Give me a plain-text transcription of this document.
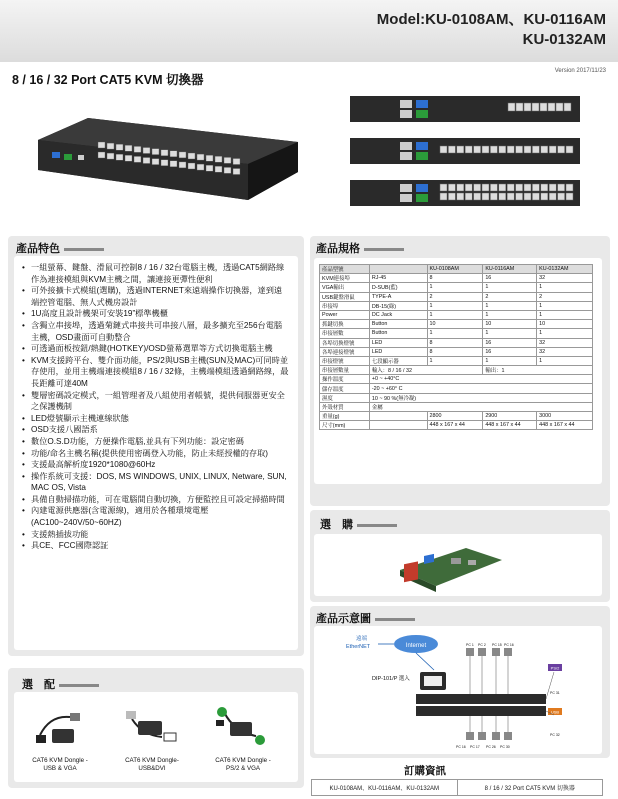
Model:KU-0108AM、KU-0116AM
KU-0132AM
8 / 16 / 32 Port CAT5 KVM 切換器
Version 2017/11/23
產品特色
• 一組螢幕、鍵盤、滑鼠可控制8 / 16 / 32台電腦主機，透過CAT5網路線作為連接模組與KVM主機之間，讓連接更彈性便利
• 可外接擴卡式模組(選購)，透過INTERNET來遠端操作切換器，達到遠端控管電腦、無人式機房設計
• 1U高度且設計機架可安裝19”標準機櫃
• 含獨立串接埠，透過菊鏈式串接共可串接八層，最多擴充至256台電腦主機，OSD畫面可自動整合
• 可透過面板按鈕/熱鍵(HOTKEY)/OSD螢幕選單等方式切換電腦主機
• KVM支援跨平台、雙介面功能，PS/2與USB主機(SUN及MAC)可同時並存使用，並用主機端連接模組8 / 16 / 32條，主機端模組透過網路線，最長距離可達40M
• 雙層密碼設定模式，一組管理者及八組使用者帳號，提供伺服器更安全之保護機制
• LED燈號顯示主機連線狀態
• OSD支援八國語系
• 數位O.S.D功能，方便操作電腦,並具有下列功能：設定密碼
• 功能/命名主機名稱(提供使用密碼登入功能，防止未經授權的存取)
• 支援最高解析度1920*1080@60Hz
• 操作系統可支援：DOS, MS WINDOWS, UNIX, LINUX, Netware, SUN, MAC OS, Vista
• 具備自動掃描功能，可在電腦間自動切換，方便監控且可設定掃描時間
• 內建電源供應器(含電源線)，適用於各種環境電壓(AC100~240V/50~60HZ)
• 支援熱插拔功能
• 具CE、FCC國際認証
產品規格
產品型號		KU-0108AM	KU-0116AM	KU-0132AM
KVM連接埠	RJ-45	8	16	32
VGA輸出	D-SUB(藍)	1	1	1
USB鍵盤滑鼠	TYPE-A	2	2	2
串接埠	DB-15(綠)	1	1	1
Power	DC Jack	1	1	1
抓鍵切換	Button	10	10	10
串接層數	Button	1	1	1
各埠切換燈號	LED	8	16	32
各埠連接燈號	LED	8	16	32
串接燈號	七段顯示器	1	1	1
串接層數量	輸入：8 / 16 / 32		輸出：1	
操作溫度	+0 ~ +40°C			
儲存溫度	-20 ~ +60° C			
濕度	10 ~ 90 %(無冷凝)			
外殼材質	金屬			
重量(g)		2800	2900	3000
尺寸(mm)		448 x 167 x 44	448 x 167 x 44	448 x 167 x 44
選　購
產品示意圖
Internet
遠端
EtherNET
DIP-101/P 選入
PC 1 PC 2 PC 15 PC 16
PC 16 PC 17 PC 26 PC 30
PC 31
PC 32
PS/2
USB
選　配
CAT6 KVM Dongle -
USB & VGA
CAT6 KVM Dongle-
USB&DVI
CAT6 KVM Dongle -
PS/2 & VGA	訂購資訊
KU-0108AM、KU-0116AM、KU-0132AM	8 / 16 / 32 Port CAT5 KVM 切換器
